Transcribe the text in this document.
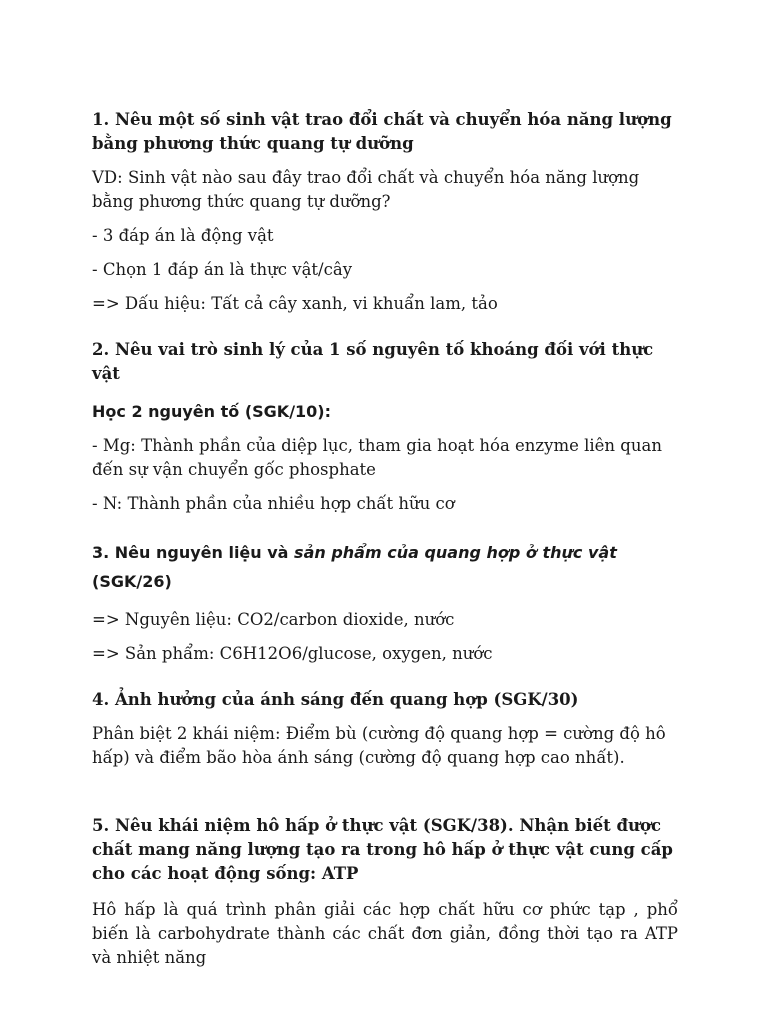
1. Nêu một số sinh vật trao đổi chất và chuyển hóa năng lượng bằng phương thức quang tự dưỡng

VD: Sinh vật nào sau đây trao đổi chất và chuyển hóa năng lượng bằng phương thức quang tự dưỡng?

- 3 đáp án là động vật

- Chọn 1 đáp án là thực vật/cây

=> Dấu hiệu: Tất cả cây xanh, vi khuẩn lam, tảo

2. Nêu vai trò sinh lý của 1 số nguyên tố khoáng đối với thực vật

Học 2 nguyên tố (SGK/10):

- Mg: Thành phần của diệp lục, tham gia hoạt hóa enzyme liên quan đến sự vận chuyển gốc phosphate

- N: Thành phần của nhiều hợp chất hữu cơ

3. Nêu nguyên liệu và sản phẩm của quang hợp ở thực vật
(SGK/26)

=> Nguyên liệu: CO2/carbon dioxide, nước

=> Sản phẩm: C6H12O6/glucose, oxygen, nước

4. Ảnh hưởng của ánh sáng đến quang hợp (SGK/30)

Phân biệt 2 khái niệm: Điểm bù (cường độ quang hợp = cường độ hô hấp) và điểm bão hòa ánh sáng (cường độ quang hợp cao nhất).

5. Nêu khái niệm hô hấp ở thực vật (SGK/38). Nhận biết được chất mang năng lượng tạo ra trong hô hấp ở thực vật cung cấp cho các hoạt động sống: ATP

Hô hấp là quá trình phân giải các hợp chất hữu cơ phức tạp , phổ biến là carbohydrate thành các chất đơn giản, đồng thời tạo ra ATP và nhiệt năng
